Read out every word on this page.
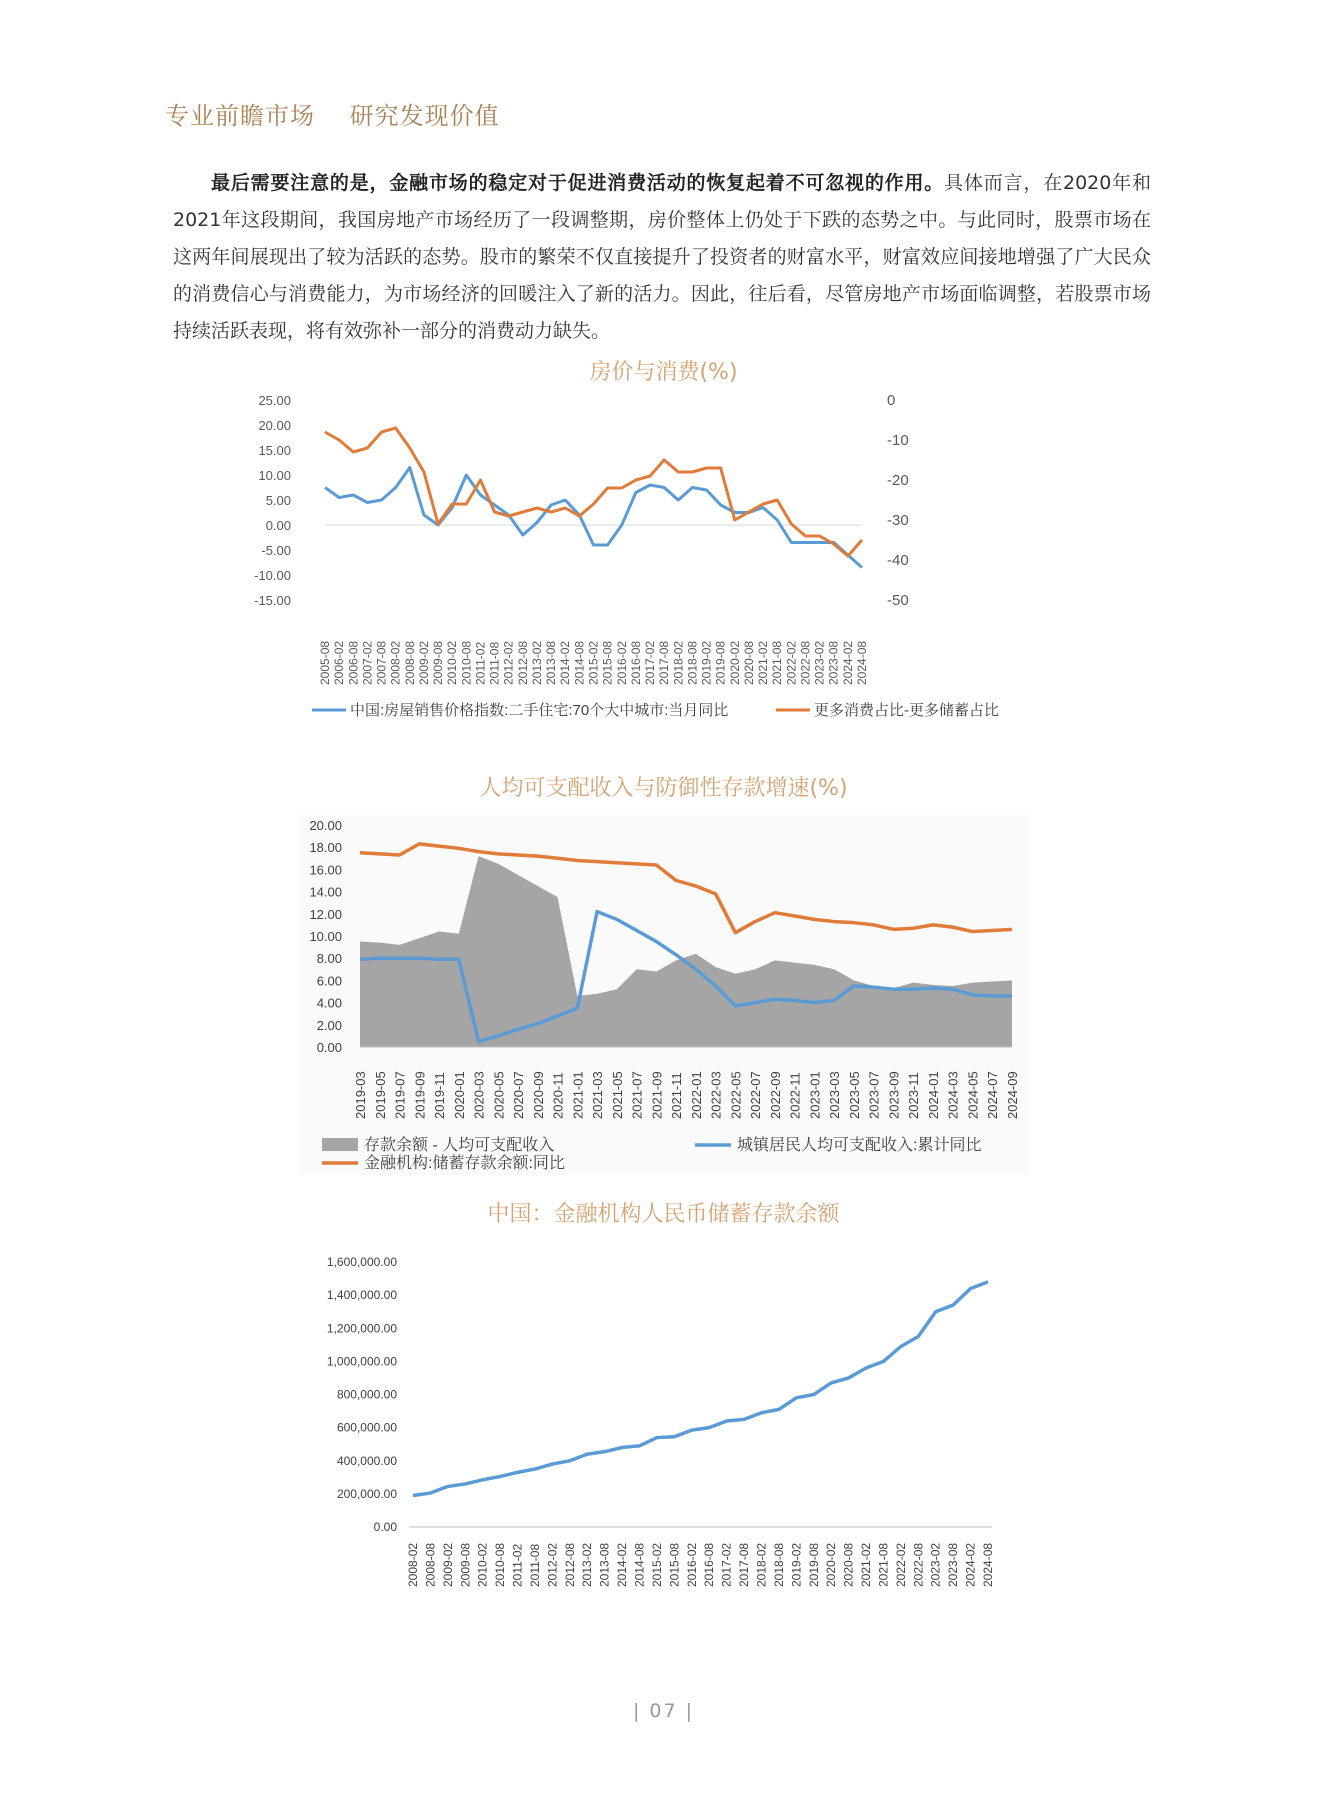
专业前瞻市场 研究发现价值
最后需要注意的是，金融市场的稳定对于促进消费活动的恢复起着不可忽视的作用。具体而言，在2020年和2021年这段期间，我国房地产市场经历了一段调整期，房价整体上仍处于下跌的态势之中。与此同时，股票市场在这两年间展现出了较为活跃的态势。股市的繁荣不仅直接提升了投资者的财富水平，财富效应间接地增强了广大民众的消费信心与消费能力，为市场经济的回暖注入了新的活力。因此，往后看，尽管房地产市场面临调整，若股票市场持续活跃表现，将有效弥补一部分的消费动力缺失。
房价与消费(%)
25.00
20.00
15.00
10.00
5.00
0.00
-5.00
-10.00
-15.00
0
-10
-20
-30
-40
-50
2005-08 2006-02 2006-08 2007-02 2007-08 2008-02 2008-08 2009-02 2009-08 2010-02 2010-08 2011-02 2011-08 2012-02 2012-08 2013-02 2013-08 2014-02 2014-08 2015-02 2015-08 2016-02 2016-08 2017-02 2017-08 2018-02 2018-08 2019-02 2019-08 2020-02 2020-08 2021-02 2021-08 2022-02 2022-08 2023-02 2023-08 2024-02 2024-08
中国:房屋销售价格指数:二手住宅:70个大中城市:当月同比	更多消费占比-更多储蓄占比
人均可支配收入与防御性存款增速(%)
20.00
18.00
16.00
14.00
12.00
10.00
8.00
6.00
4.00
2.00
0.00
2019-03 2019-05 2019-07 2019-09 2019-11 2020-01 2020-03 2020-05 2020-07 2020-09 2020-11 2021-01 2021-03 2021-05 2021-07 2021-09 2021-11 2022-01 2022-03 2022-05 2022-07 2022-09 2022-11 2023-01 2023-03 2023-05 2023-07 2023-09 2023-11 2024-01 2024-03 2024-05 2024-07 2024-09
存款余额 - 人均可支配收入	城镇居民人均可支配收入:累计同比
金融机构:储蓄存款余额:同比
中国：金融机构人民币储蓄存款余额
1,600,000.00
1,400,000.00
1,200,000.00
1,000,000.00
800,000.00
600,000.00
400,000.00
200,000.00
0.00
2008-02 2008-08 2009-02 2009-08 2010-02 2010-08 2011-02 2011-08 2012-02 2012-08 2013-02 2013-08 2014-02 2014-08 2015-02 2015-08 2016-02 2016-08 2017-02 2017-08 2018-02 2018-08 2019-02 2019-08 2020-02 2020-08 2021-02 2021-08 2022-02 2022-08 2023-02 2023-08 2024-02 2024-08
| 07 |
